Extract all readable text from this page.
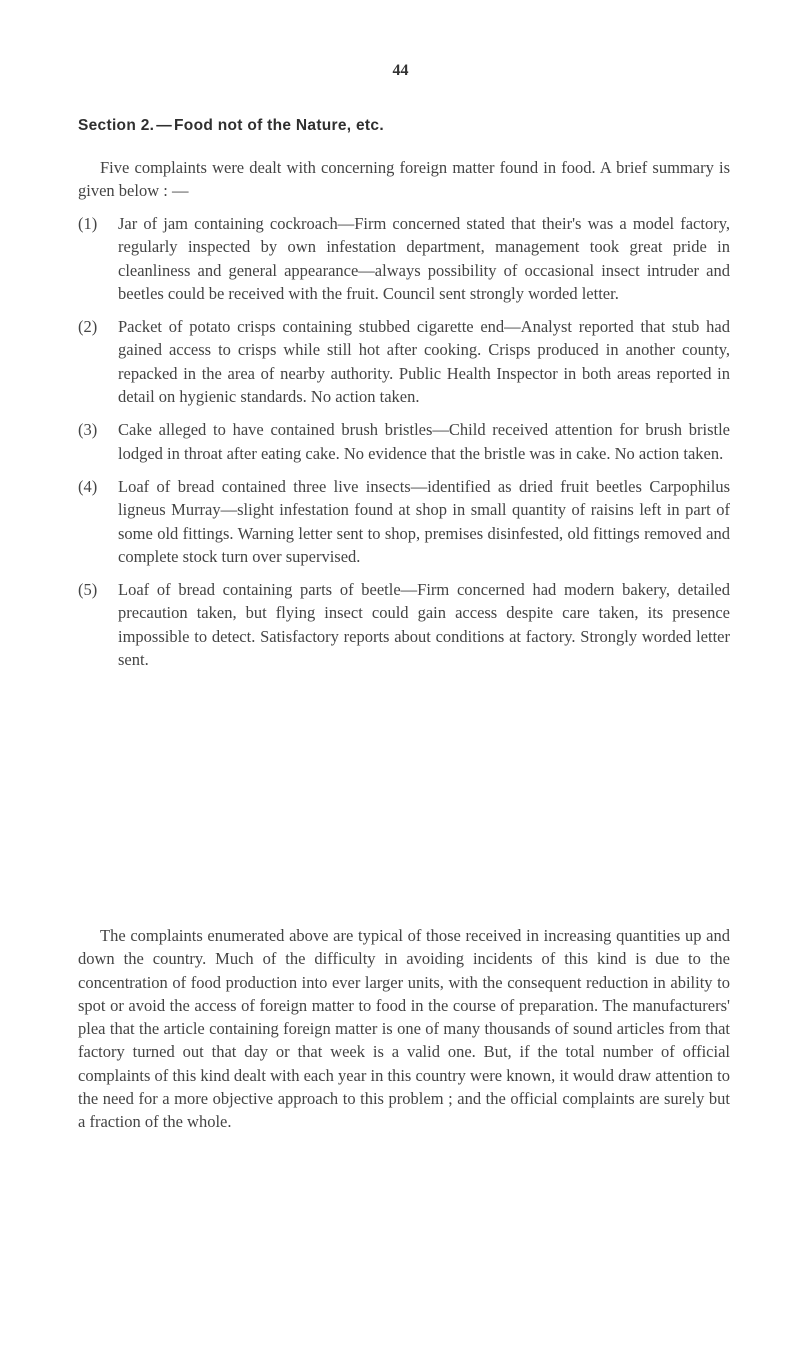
44
Section 2. — Food not of the Nature, etc.
Five complaints were dealt with concerning foreign matter found in food. A brief summary is given below : —
(1)	Jar of jam containing cockroach—Firm concerned stated that their's was a model factory, regularly inspected by own infestation department, management took great pride in cleanliness and general appearance—always possibility of occasional insect intruder and beetles could be received with the fruit. Council sent strongly worded letter.
(2)	Packet of potato crisps containing stubbed cigarette end—Analyst reported that stub had gained access to crisps while still hot after cooking. Crisps produced in another county, repacked in the area of nearby authority. Public Health Inspector in both areas reported in detail on hygienic standards. No action taken.
(3)	Cake alleged to have contained brush bristles—Child received attention for brush bristle lodged in throat after eating cake. No evidence that the bristle was in cake. No action taken.
(4)	Loaf of bread contained three live insects—identified as dried fruit beetles Carpophilus ligneus Murray—slight infestation found at shop in small quantity of raisins left in part of some old fittings. Warning letter sent to shop, premises disinfested, old fittings removed and complete stock turn over supervised.
(5)	Loaf of bread containing parts of beetle—Firm concerned had modern bakery, detailed precaution taken, but flying insect could gain access despite care taken, its presence impossible to detect. Satisfactory reports about conditions at factory. Strongly worded letter sent.
The complaints enumerated above are typical of those received in increasing quantities up and down the country. Much of the difficulty in avoiding incidents of this kind is due to the concentration of food production into ever larger units, with the consequent reduction in ability to spot or avoid the access of foreign matter to food in the course of preparation. The manufacturers' plea that the article containing foreign matter is one of many thousands of sound articles from that factory turned out that day or that week is a valid one. But, if the total number of official complaints of this kind dealt with each year in this country were known, it would draw attention to the need for a more objective approach to this problem ; and the official complaints are surely but a fraction of the whole.
